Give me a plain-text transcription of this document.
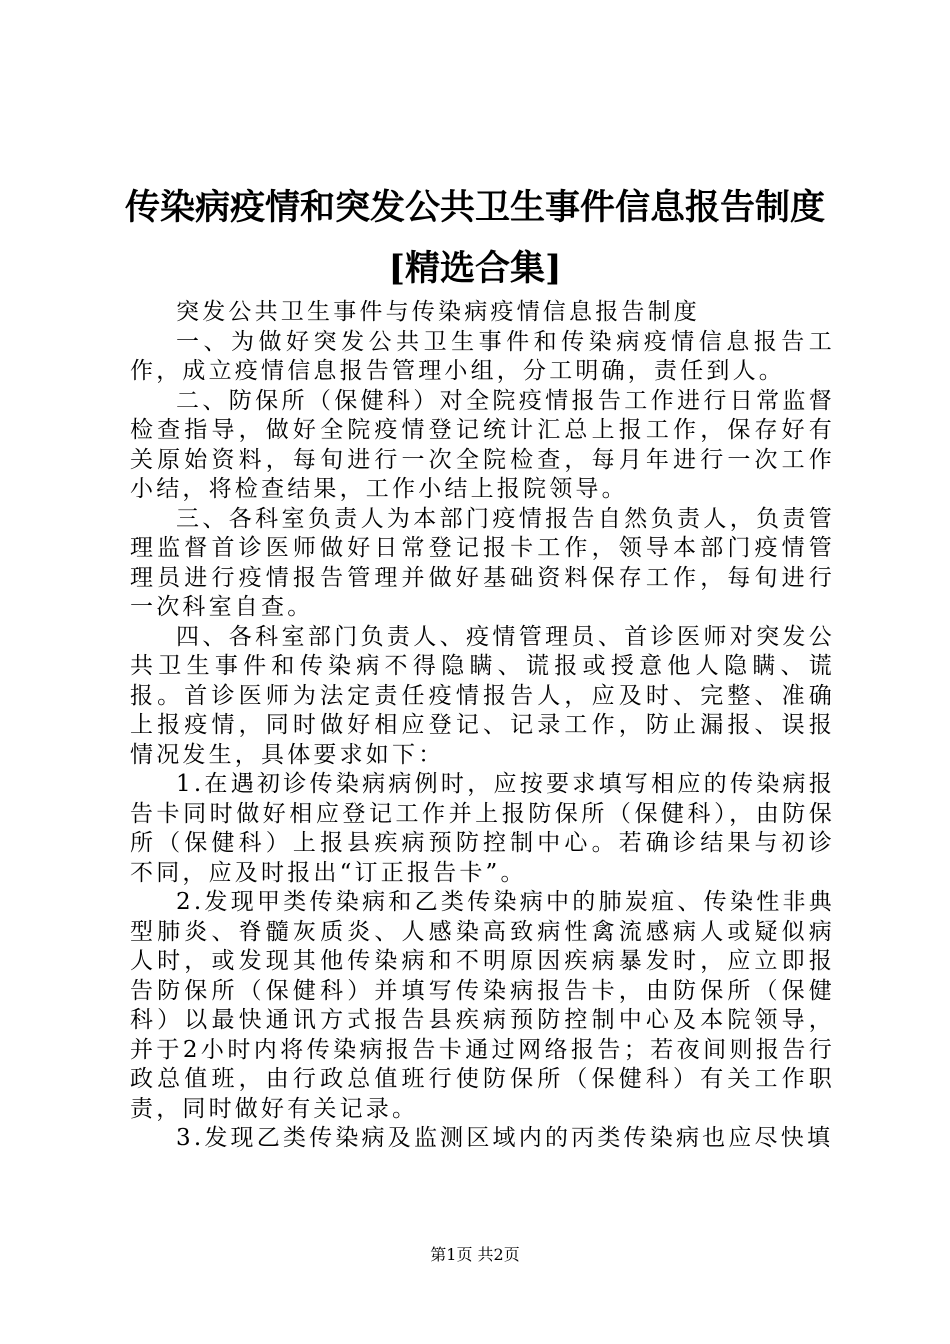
传染病疫情和突发公共卫生事件信息报告制度
[精选合集]

突发公共卫生事件与传染病疫情信息报告制度

一、为做好突发公共卫生事件和传染病疫情信息报告工作，成立疫情信息报告管理小组，分工明确，责任到人。

二、防保所（保健科）对全院疫情报告工作进行日常监督检查指导，做好全院疫情登记统计汇总上报工作，保存好有关原始资料，每旬进行一次全院检查，每月年进行一次工作小结，将检查结果，工作小结上报院领导。

三、各科室负责人为本部门疫情报告自然负责人，负责管理监督首诊医师做好日常登记报卡工作，领导本部门疫情管理员进行疫情报告管理并做好基础资料保存工作，每旬进行一次科室自查。

四、各科室部门负责人、疫情管理员、首诊医师对突发公共卫生事件和传染病不得隐瞒、谎报或授意他人隐瞒、谎报。首诊医师为法定责任疫情报告人，应及时、完整、准确上报疫情，同时做好相应登记、记录工作，防止漏报、误报情况发生，具体要求如下：

1.在遇初诊传染病病例时，应按要求填写相应的传染病报告卡同时做好相应登记工作并上报防保所（保健科），由防保所（保健科）上报县疾病预防控制中心。若确诊结果与初诊不同，应及时报出“订正报告卡”。

2.发现甲类传染病和乙类传染病中的肺炭疽、传染性非典型肺炎、脊髓灰质炎、人感染高致病性禽流感病人或疑似病人时，或发现其他传染病和不明原因疾病暴发时，应立即报告防保所（保健科）并填写传染病报告卡，由防保所（保健科）以最快通讯方式报告县疾病预防控制中心及本院领导，并于2小时内将传染病报告卡通过网络报告；若夜间则报告行政总值班，由行政总值班行使防保所（保健科）有关工作职责，同时做好有关记录。

3.发现乙类传染病及监测区域内的丙类传染病也应尽快填

第1页 共2页
